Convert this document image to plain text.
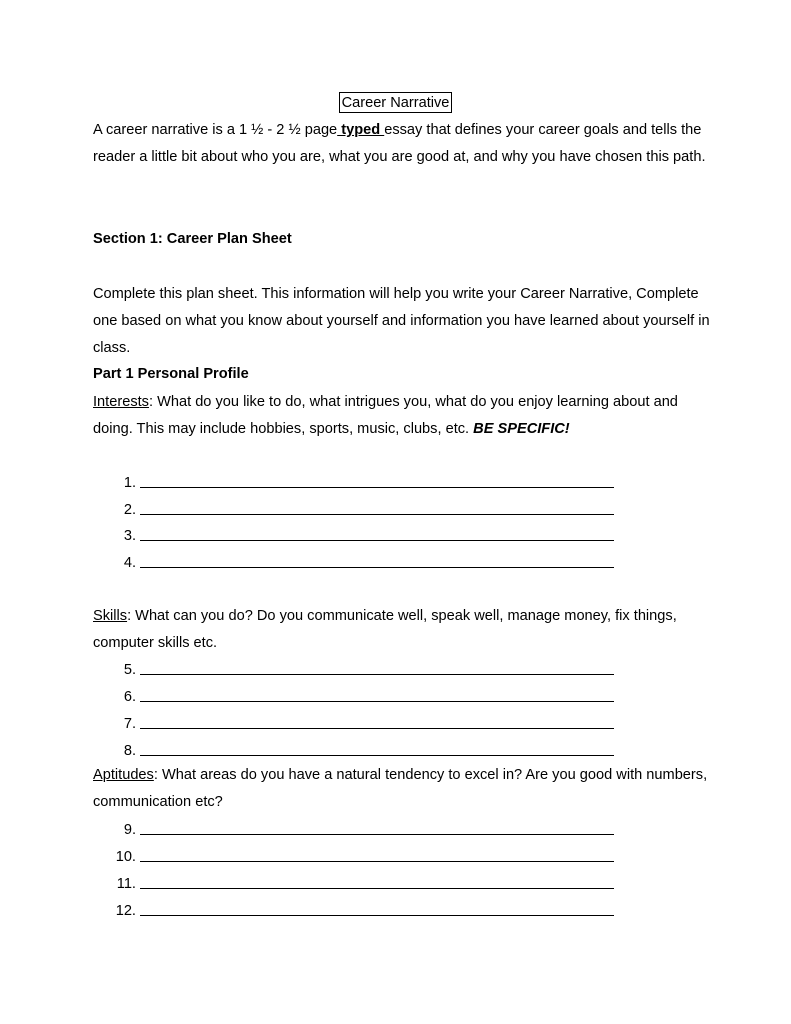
Career Narrative
A career narrative is a 1 ½ - 2 ½ page typed essay that defines your career goals and tells the reader a little bit about who you are, what you are good at, and why you have chosen this path.
Section 1: Career Plan Sheet
Complete this plan sheet. This information will help you write your Career Narrative, Complete one based on what you know about yourself and information you have learned about yourself in class.
Part 1 Personal Profile
Interests: What do you like to do, what intrigues you, what do you enjoy learning about and doing. This may include hobbies, sports, music, clubs, etc. BE SPECIFIC!
1.
2.
3.
4.
Skills: What can you do? Do you communicate well, speak well, manage money, fix things, computer skills etc.
5.
6.
7.
8.
Aptitudes: What areas do you have a natural tendency to excel in? Are you good with numbers, communication etc?
9.
10.
11.
12.
